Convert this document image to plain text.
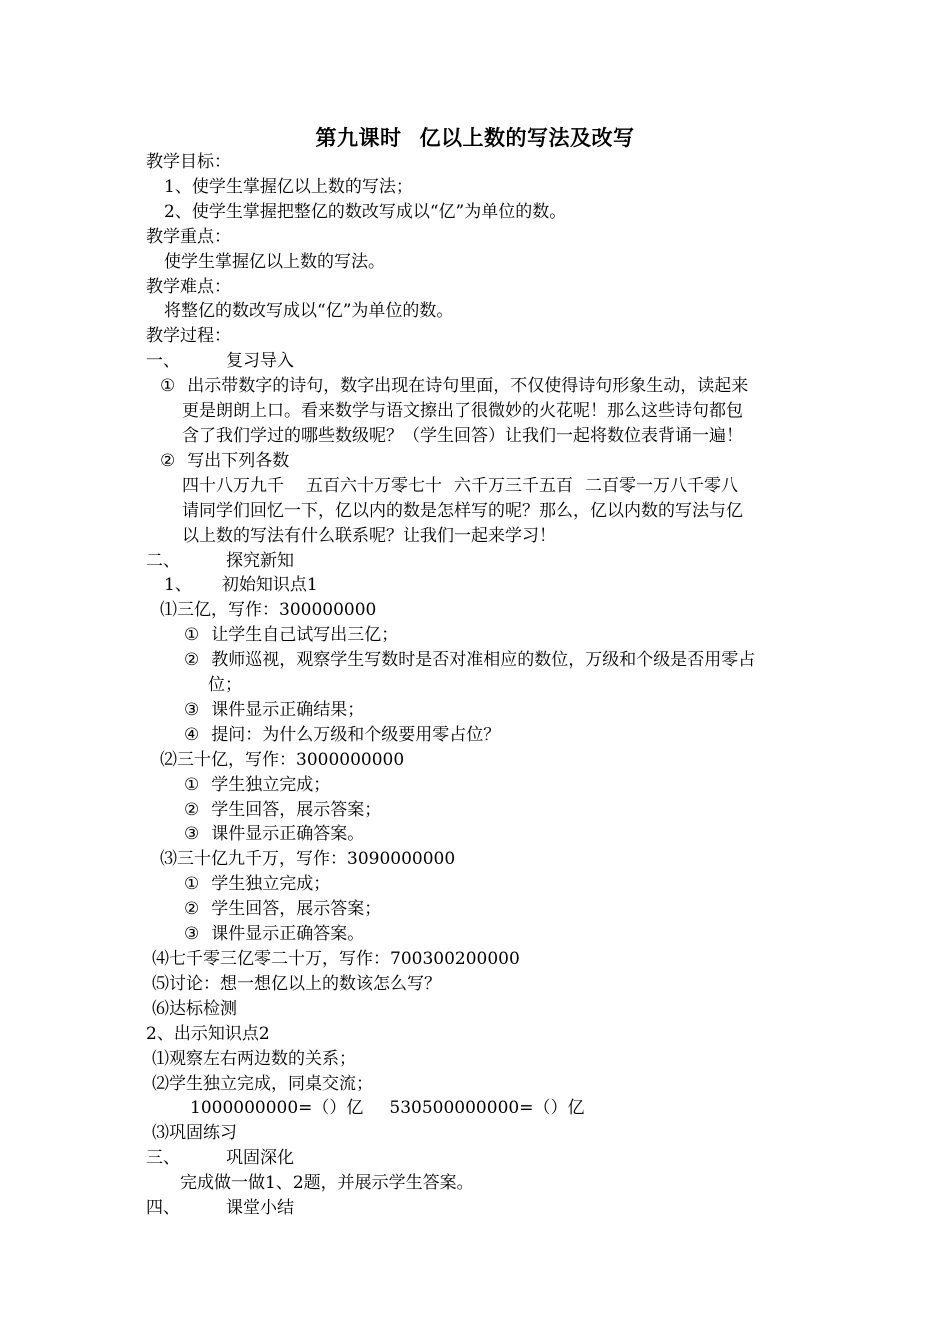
第九课时 亿以上数的写法及改写
教学目标：
1、使学生掌握亿以上数的写法；
2、使学生掌握把整亿的数改写成以“亿”为单位的数。
教学重点：
使学生掌握亿以上数的写法。
教学难点：
将整亿的数改写成以“亿”为单位的数。
教学过程：
一、	复习导入
① 出示带数字的诗句，数字出现在诗句里面，不仅使得诗句形象生动，读起来
更是朗朗上口。看来数学与语文擦出了很微妙的火花呢！那么这些诗句都包
含了我们学过的哪些数级呢？（学生回答）让我们一起将数位表背诵一遍！
② 写出下列各数
四十八万九千 五百六十万零七十 六千万三千五百 二百零一万八千零八
请同学们回忆一下，亿以内的数是怎样写的呢？那么，亿以内数的写法与亿
以上数的写法有什么联系呢？让我们一起来学习！
二、	探究新知
1、 初始知识点1
⑴三亿，写作：300000000
① 让学生自己试写出三亿；
② 教师巡视，观察学生写数时是否对准相应的数位，万级和个级是否用零占
位；
③ 课件显示正确结果；
④ 提问：为什么万级和个级要用零占位？
⑵三十亿，写作：3000000000
① 学生独立完成；
② 学生回答，展示答案；
③ 课件显示正确答案。
⑶三十亿九千万，写作：3090000000
① 学生独立完成；
② 学生回答，展示答案；
③ 课件显示正确答案。
⑷七千零三亿零二十万，写作：700300200000
⑸讨论：想一想亿以上的数该怎么写？
⑹达标检测
2、出示知识点2
⑴观察左右两边数的关系；
⑵学生独立完成，同桌交流；
1000000000=（）亿 530500000000=（）亿
⑶巩固练习
三、	巩固深化
完成做一做1、2题，并展示学生答案。
四、	课堂小结
